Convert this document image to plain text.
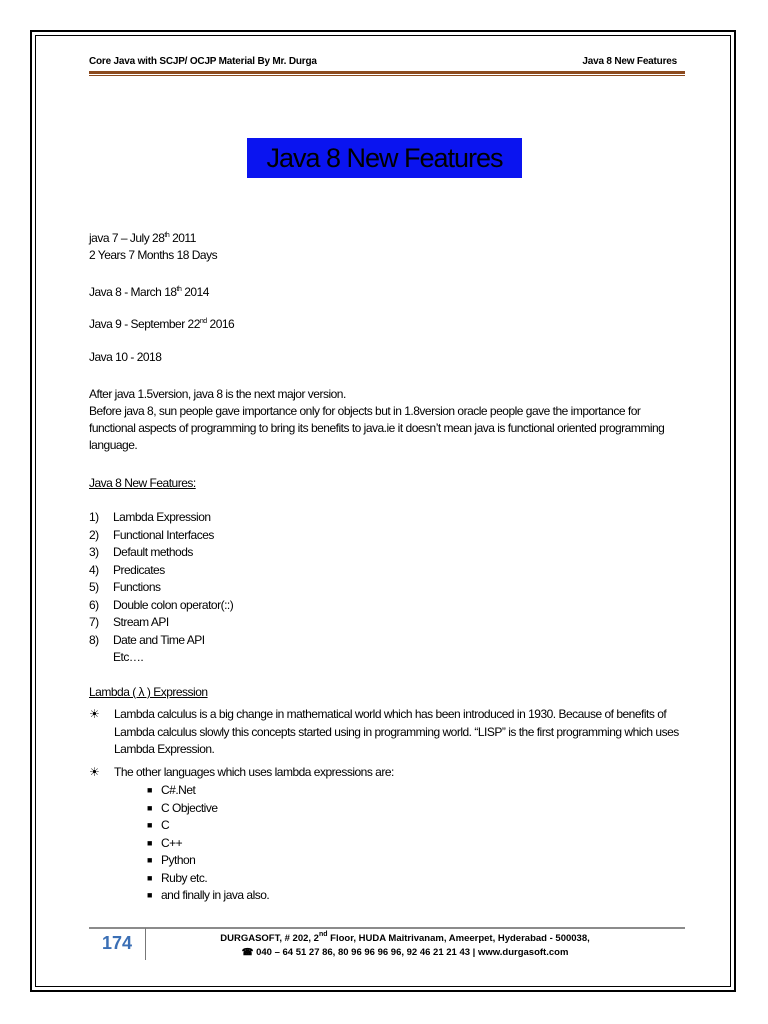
Core Java with SCJP/ OCJP Material By Mr. Durga	Java 8 New Features
Java 8 New Features
java 7 – July 28th 2011
2 Years 7 Months 18 Days
Java 8 - March 18th 2014
Java 9 - September 22nd 2016
Java 10 - 2018
After java 1.5version, java 8 is the next major version.
Before java 8, sun people gave importance only for objects but in 1.8version oracle people gave the importance for functional aspects of programming to bring its benefits to java.ie it doesn’t mean java is functional oriented programming language.
Java 8 New Features:
1)	Lambda Expression
2)	Functional Interfaces
3)	Default methods
4)	Predicates
5)	Functions
6)	Double colon operator(::)
7)	Stream API
8)	Date and Time API
Etc….
Lambda ( λ ) Expression
☀	Lambda calculus is a big change in mathematical world which has been introduced in 1930. Because of benefits of Lambda calculus slowly this concepts started using in programming world. “LISP” is the first programming which uses Lambda Expression.
☀	The other languages which uses lambda expressions are:
■ C#.Net
■ C Objective
■ C
■ C++
■ Python
■ Ruby etc.
■ and finally in java also.
174	DURGASOFT, # 202, 2nd Floor, HUDA Maitrivanam, Ameerpet, Hyderabad - 500038,
☎ 040 – 64 51 27 86, 80 96 96 96 96, 92 46 21 21 43 | www.durgasoft.com
